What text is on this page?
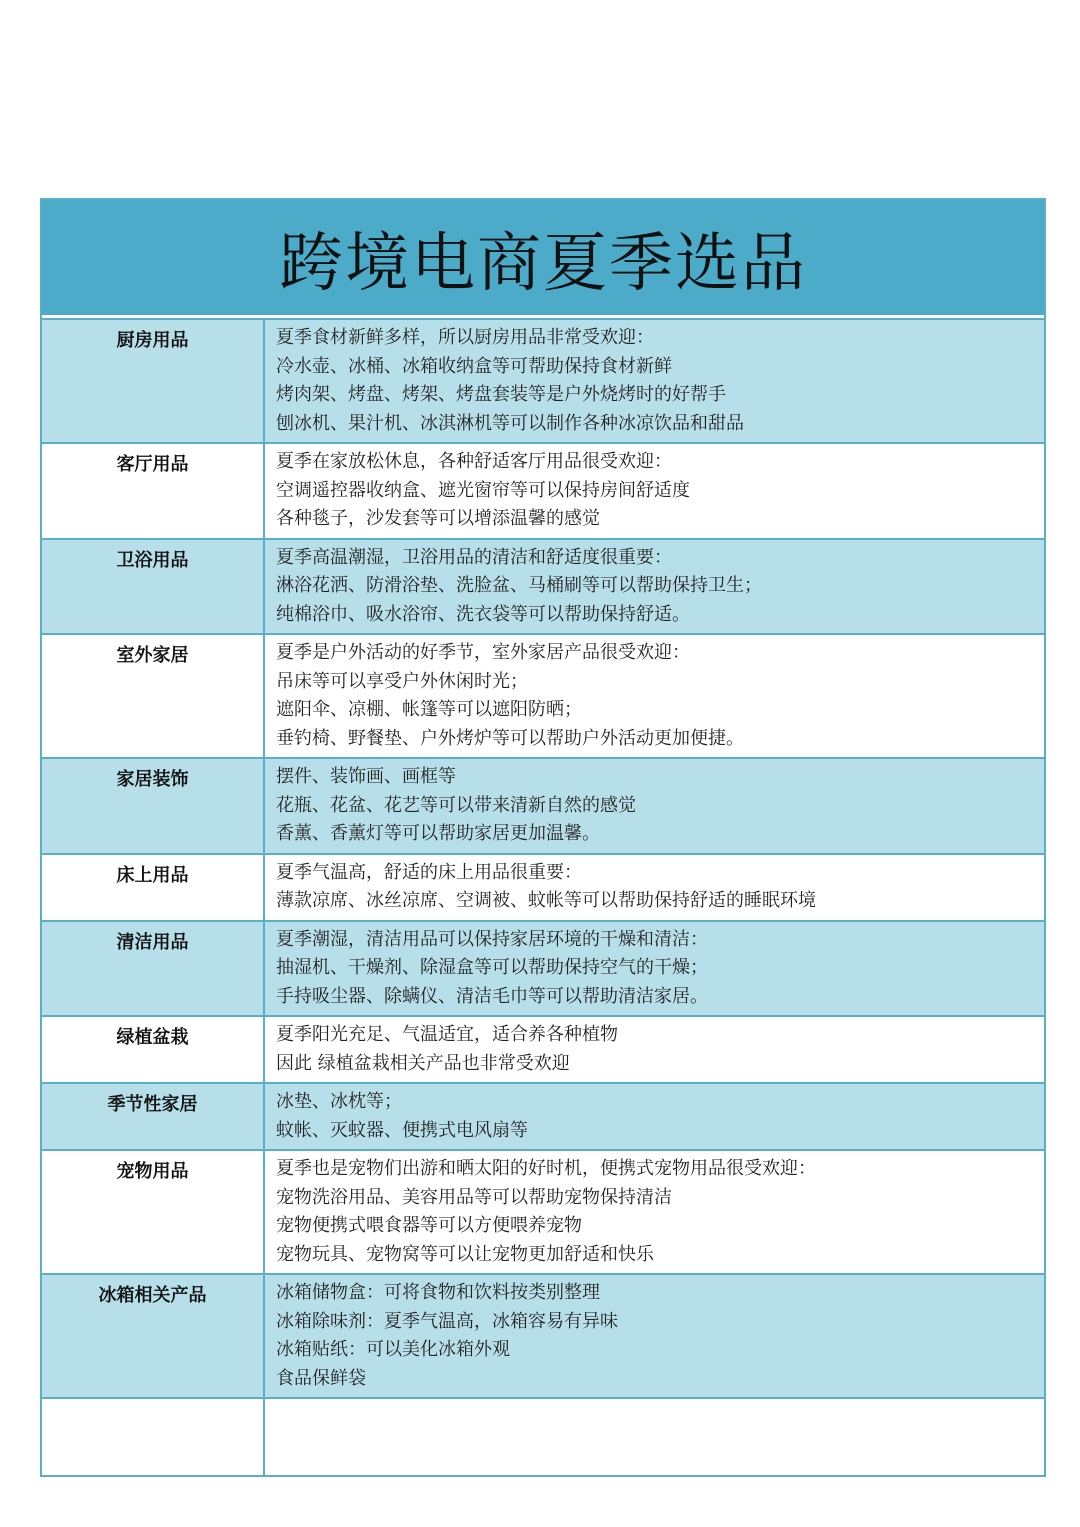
跨境电商夏季选品
厨房用品	夏季食材新鲜多样，所以厨房用品非常受欢迎：
冷水壶、冰桶、冰箱收纳盒等可帮助保持食材新鲜
烤肉架、烤盘、烤架、烤盘套装等是户外烧烤时的好帮手
刨冰机、果汁机、冰淇淋机等可以制作各种冰凉饮品和甜品

客厅用品	夏季在家放松休息，各种舒适客厅用品很受欢迎：
空调遥控器收纳盒、遮光窗帘等可以保持房间舒适度
各种毯子，沙发套等可以增添温馨的感觉

卫浴用品	夏季高温潮湿，卫浴用品的清洁和舒适度很重要：
淋浴花洒、防滑浴垫、洗脸盆、马桶刷等可以帮助保持卫生；
纯棉浴巾、吸水浴帘、洗衣袋等可以帮助保持舒适。

室外家居	夏季是户外活动的好季节，室外家居产品很受欢迎：
吊床等可以享受户外休闲时光；
遮阳伞、凉棚、帐篷等可以遮阳防晒；
垂钓椅、野餐垫、户外烤炉等可以帮助户外活动更加便捷。

家居装饰	摆件、装饰画、画框等
花瓶、花盆、花艺等可以带来清新自然的感觉
香薰、香薰灯等可以帮助家居更加温馨。

床上用品	夏季气温高，舒适的床上用品很重要：
薄款凉席、冰丝凉席、空调被、蚊帐等可以帮助保持舒适的睡眠环境

清洁用品	夏季潮湿，清洁用品可以保持家居环境的干燥和清洁：
抽湿机、干燥剂、除湿盒等可以帮助保持空气的干燥；
手持吸尘器、除螨仪、清洁毛巾等可以帮助清洁家居。

绿植盆栽	夏季阳光充足、气温适宜，适合养各种植物
因此 绿植盆栽相关产品也非常受欢迎

季节性家居	冰垫、冰枕等；
蚊帐、灭蚊器、便携式电风扇等

宠物用品	夏季也是宠物们出游和晒太阳的好时机，便携式宠物用品很受欢迎：
宠物洗浴用品、美容用品等可以帮助宠物保持清洁
宠物便携式喂食器等可以方便喂养宠物
宠物玩具、宠物窝等可以让宠物更加舒适和快乐

冰箱相关产品	冰箱储物盒：可将食物和饮料按类别整理
冰箱除味剂：夏季气温高，冰箱容易有异味
冰箱贴纸：可以美化冰箱外观
食品保鲜袋
